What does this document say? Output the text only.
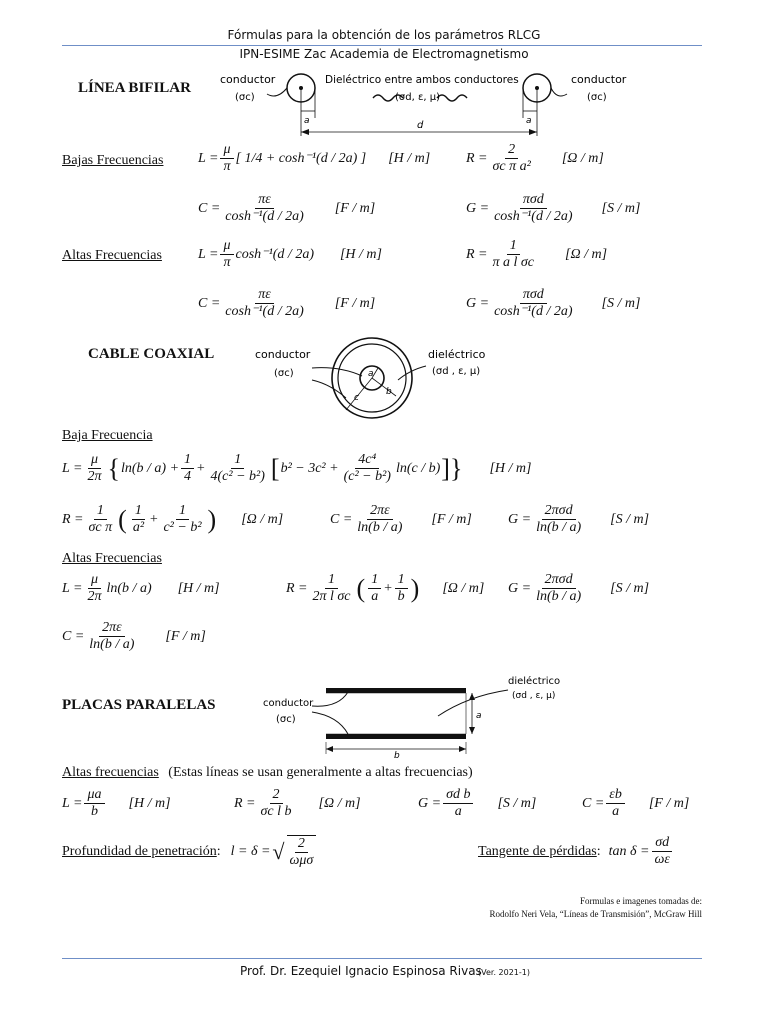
Fórmulas para la obtención de los parámetros RLCG
IPN-ESIME Zac Academia de Electromagnetismo
LÍNEA BIFILAR
conductor
(σc)
Dieléctrico entre ambos conductores
(σd, ε, μ)
conductor
(σc)
a	a
d
Bajas Frecuencias $L = \frac{\mu}{\pi}$ [ 1/4 + cosh⁻¹(d / 2a) ] [H / m]	$R = \frac{2}{\text{σc π a²}} [\Omega / m]$
$C = \frac{\pi\varepsilon}{\text{cosh⁻¹(d / 2a)}} [F / m]$	$G = \frac{\text{πσd}}{\text{cosh⁻¹(d / 2a)}} [S / m]$
Altas Frecuencias	$L = \frac{\mu}{\pi} \cosh^{-1}(d / 2a)$ [H / m]	$R = \frac{1}{\text{π a l σc}} [\Omega / m]$
$C = \frac{\pi\varepsilon}{\text{cosh⁻¹(d / 2a)}} [F / m]$	$G = \frac{\text{πσd}}{\text{cosh⁻¹(d / 2a)}} [S / m]$
CABLE COAXIAL	conductor
(σc)
dieléctrico
(σd , ε, μ)
a
b
c
Baja Frecuencia
$L = \frac{\mu}{2\pi}$ { $\ln(b / a) + \frac{1}{4} + \frac{1}{\text{4(c² − b²)}}$ [ $b^2 - 3c^2 + \frac{\text{4c⁴}}{\text{(c² − b²)}} \ln(c / b)$ ]} [H / m]
$R = \frac{1}{\text{σc π}}$ ( $\frac{1}{\text{a²}} + \frac{1}{\text{c² − b²}}$ ) [Ω / m]	$C = \frac{2\pi\varepsilon}{\ln(b / a)} [F / m]$	$G = \frac{\text{2πσd}}{\ln(b / a)} [S / m]$
Altas Frecuencias
$L = \frac{\mu}{2\pi} \ln(b / a)$ [H / m]	$R = \frac{1}{\text{2π l σc}}$ ( $\frac{1}{a} + \frac{1}{b}$ ) [Ω / m] $G = \frac{\text{2πσd}}{\ln(b / a)} [S / m]$
$C = \frac{2\pi\varepsilon}{\ln(b / a)} [F / m]$
PLACAS PARALELAS	conductor
(σc)
dieléctrico
(σd , ε, μ)
a
b
Altas frecuencias (Estas líneas se usan generalmente a altas frecuencias)
$L = \frac{\mu a}{b} [H / m]$	$R = \frac{2}{\text{σc l b}} [\Omega / m]$	$G = \frac{\text{σd b}}{a} [S / m]$	$C = \frac{\varepsilon b}{a} [F / m]$
Profundidad de penetración : l = δ = √ $\frac{2}{\text{ωμσ}}$	Tangente de pérdidas : $\tan \delta = \frac{\sigma d}{\omega\varepsilon}$
Formulas e imagenes tomadas de:
Rodolfo Neri Vela, “Líneas de Transmisión”, McGraw Hill
Prof. Dr. Ezequiel Ignacio Espinosa Rivas
(Ver. 2021-1)
